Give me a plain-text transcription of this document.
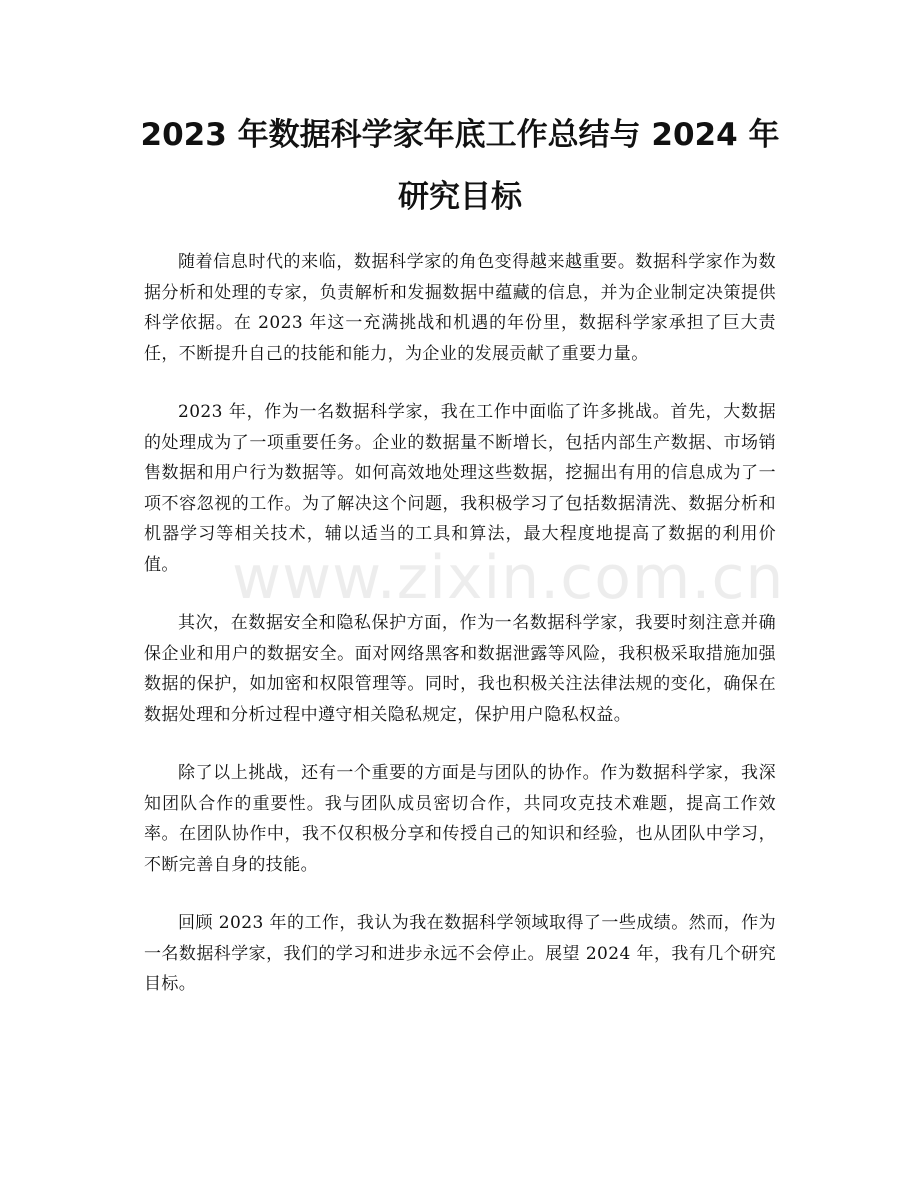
2023 年数据科学家年底工作总结与 2024 年
研究目标

随着信息时代的来临，数据科学家的角色变得越来越重要。数据科学家作为数据分析和处理的专家，负责解析和发掘数据中蕴藏的信息，并为企业制定决策提供科学依据。在 2023 年这一充满挑战和机遇的年份里，数据科学家承担了巨大责任，不断提升自己的技能和能力，为企业的发展贡献了重要力量。

2023 年，作为一名数据科学家，我在工作中面临了许多挑战。首先，大数据的处理成为了一项重要任务。企业的数据量不断增长，包括内部生产数据、市场销售数据和用户行为数据等。如何高效地处理这些数据，挖掘出有用的信息成为了一项不容忽视的工作。为了解决这个问题，我积极学习了包括数据清洗、数据分析和机器学习等相关技术，辅以适当的工具和算法，最大程度地提高了数据的利用价值。

其次，在数据安全和隐私保护方面，作为一名数据科学家，我要时刻注意并确保企业和用户的数据安全。面对网络黑客和数据泄露等风险，我积极采取措施加强数据的保护，如加密和权限管理等。同时，我也积极关注法律法规的变化，确保在数据处理和分析过程中遵守相关隐私规定，保护用户隐私权益。

除了以上挑战，还有一个重要的方面是与团队的协作。作为数据科学家，我深知团队合作的重要性。我与团队成员密切合作，共同攻克技术难题，提高工作效率。在团队协作中，我不仅积极分享和传授自己的知识和经验，也从团队中学习，不断完善自身的技能。

回顾 2023 年的工作，我认为我在数据科学领域取得了一些成绩。然而，作为一名数据科学家，我们的学习和进步永远不会停止。展望 2024 年，我有几个研究目标。

www.zixin.com.cn
